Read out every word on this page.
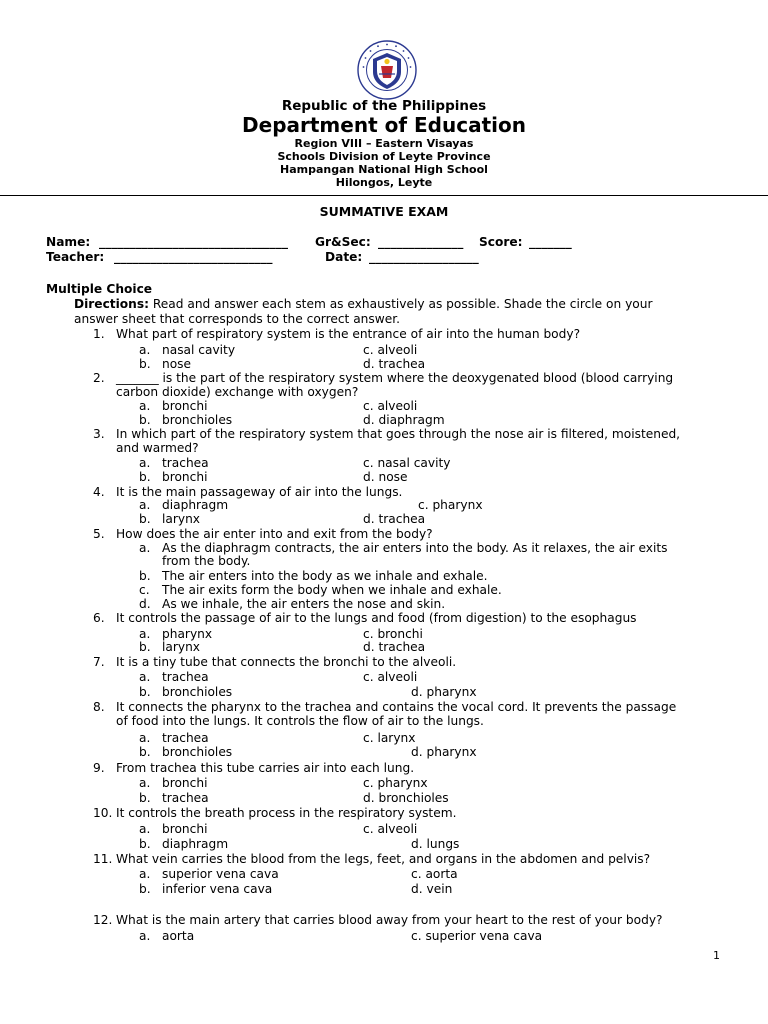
Republic of the Philippines
Department of Education
Region VIII – Eastern Visayas
Schools Division of Leyte Province
Hampangan National High School
Hilongos, Leyte
SUMMATIVE EXAM
Name: _______________________________ Gr&Sec: ______________ Score: _______
Teacher: __________________________	Date: __________________
Multiple Choice
Directions: Read and answer each stem as exhaustively as possible. Shade the circle on your
answer sheet that corresponds to the correct answer.
1. What part of respiratory system is the entrance of air into the human body?
a. nasal cavity	c. alveoli
b. nose	d. trachea
2. _______ is the part of the respiratory system where the deoxygenated blood (blood carrying
carbon dioxide) exchange with oxygen?
a. bronchi	c. alveoli
b. bronchioles	d. diaphragm
3. In which part of the respiratory system that goes through the nose air is filtered, moistened,
and warmed?
a. trachea	c. nasal cavity
b. bronchi	d. nose
4. It is the main passageway of air into the lungs.
a. diaphragm	c. pharynx
b. larynx	d. trachea
5. How does the air enter into and exit from the body?
a. As the diaphragm contracts, the air enters into the body. As it relaxes, the air exits
from the body.
b. The air enters into the body as we inhale and exhale.
c. The air exits form the body when we inhale and exhale.
d. As we inhale, the air enters the nose and skin.
6. It controls the passage of air to the lungs and food (from digestion) to the esophagus
a. pharynx	c. bronchi
b. larynx	d. trachea
7. It is a tiny tube that connects the bronchi to the alveoli.
a. trachea	c. alveoli
b. bronchioles	d. pharynx
8. It connects the pharynx to the trachea and contains the vocal cord. It prevents the passage
of food into the lungs. It controls the flow of air to the lungs.
a. trachea	c. larynx
b. bronchioles	d. pharynx
9. From trachea this tube carries air into each lung.
a. bronchi	c. pharynx
b. trachea	d. bronchioles
10. It controls the breath process in the respiratory system.
a. bronchi	c. alveoli
b. diaphragm	d. lungs
11. What vein carries the blood from the legs, feet, and organs in the abdomen and pelvis?
a. superior vena cava	c. aorta
b. inferior vena cava	d. vein
12. What is the main artery that carries blood away from your heart to the rest of your body?
a. aorta	c. superior vena cava
1
